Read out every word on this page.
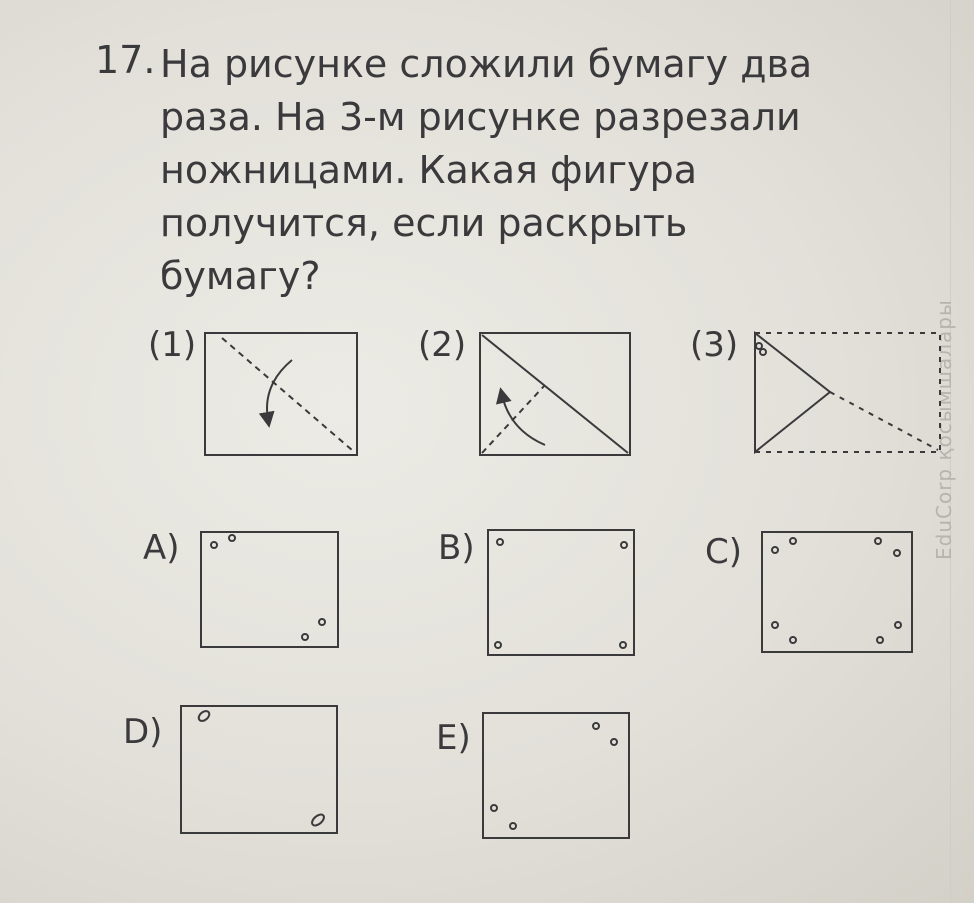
EduCorp қосымшалары
17. На рисунке сложили бумагу два
раза. На 3-м рисунке разрезали
ножницами. Какая фигура
получится, если раскрыть
бумагу?
(1)	(2)	(3)
A)	B)	C)
D)	E)
